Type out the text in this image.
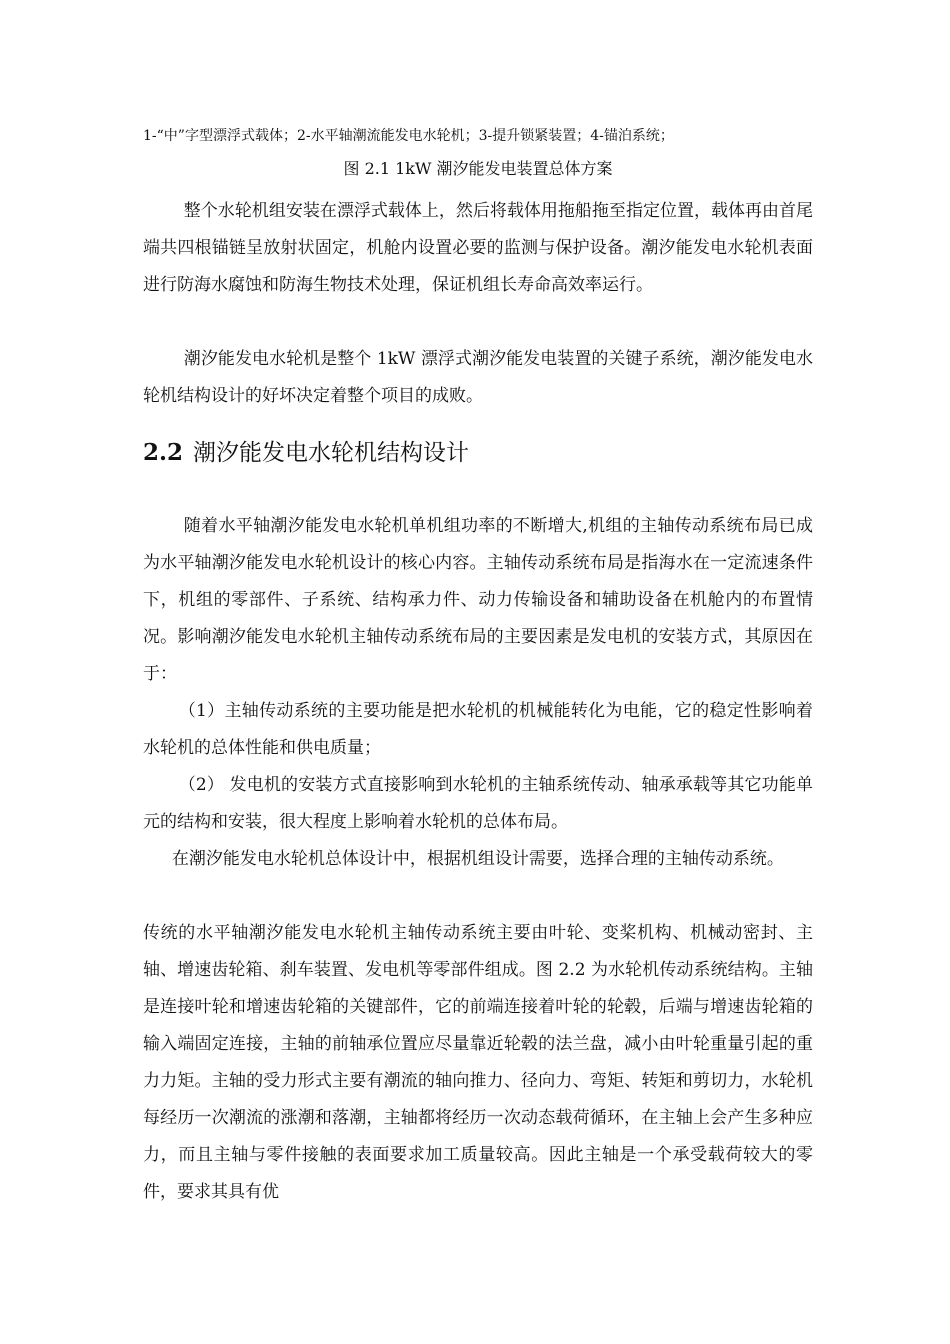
1-“中”字型漂浮式载体；2-水平轴潮流能发电水轮机；3-提升锁紧装置；4-锚泊系统；
图 2.1 1kW 潮汐能发电装置总体方案

整个水轮机组安装在漂浮式载体上，然后将载体用拖船拖至指定位置，载体再由首尾端共四根锚链呈放射状固定，机舱内设置必要的监测与保护设备。潮汐能发电水轮机表面进行防海水腐蚀和防海生物技术处理，保证机组长寿命高效率运行。

潮汐能发电水轮机是整个 1kW 漂浮式潮汐能发电装置的关键子系统，潮汐能发电水轮机结构设计的好坏决定着整个项目的成败。

2.2 潮汐能发电水轮机结构设计

随着水平轴潮汐能发电水轮机单机组功率的不断增大,机组的主轴传动系统布局已成为水平轴潮汐能发电水轮机设计的核心内容。主轴传动系统布局是指海水在一定流速条件下，机组的零部件、子系统、结构承力件、动力传输设备和辅助设备在机舱内的布置情况。影响潮汐能发电水轮机主轴传动系统布局的主要因素是发电机的安装方式，其原因在于：

（1）主轴传动系统的主要功能是把水轮机的机械能转化为电能，它的稳定性影响着水轮机的总体性能和供电质量；

（2） 发电机的安装方式直接影响到水轮机的主轴系统传动、轴承承载等其它功能单元的结构和安装，很大程度上影响着水轮机的总体布局。

在潮汐能发电水轮机总体设计中，根据机组设计需要，选择合理的主轴传动系统。

传统的水平轴潮汐能发电水轮机主轴传动系统主要由叶轮、变桨机构、机械动密封、主轴、增速齿轮箱、刹车装置、发电机等零部件组成。图 2.2 为水轮机传动系统结构。主轴是连接叶轮和增速齿轮箱的关键部件，它的前端连接着叶轮的轮毂，后端与增速齿轮箱的输入端固定连接，主轴的前轴承位置应尽量靠近轮毂的法兰盘，减小由叶轮重量引起的重力力矩。主轴的受力形式主要有潮流的轴向推力、径向力、弯矩、转矩和剪切力，水轮机每经历一次潮流的涨潮和落潮，主轴都将经历一次动态载荷循环，在主轴上会产生多种应力，而且主轴与零件接触的表面要求加工质量较高。因此主轴是一个承受载荷较大的零件，要求其具有优
